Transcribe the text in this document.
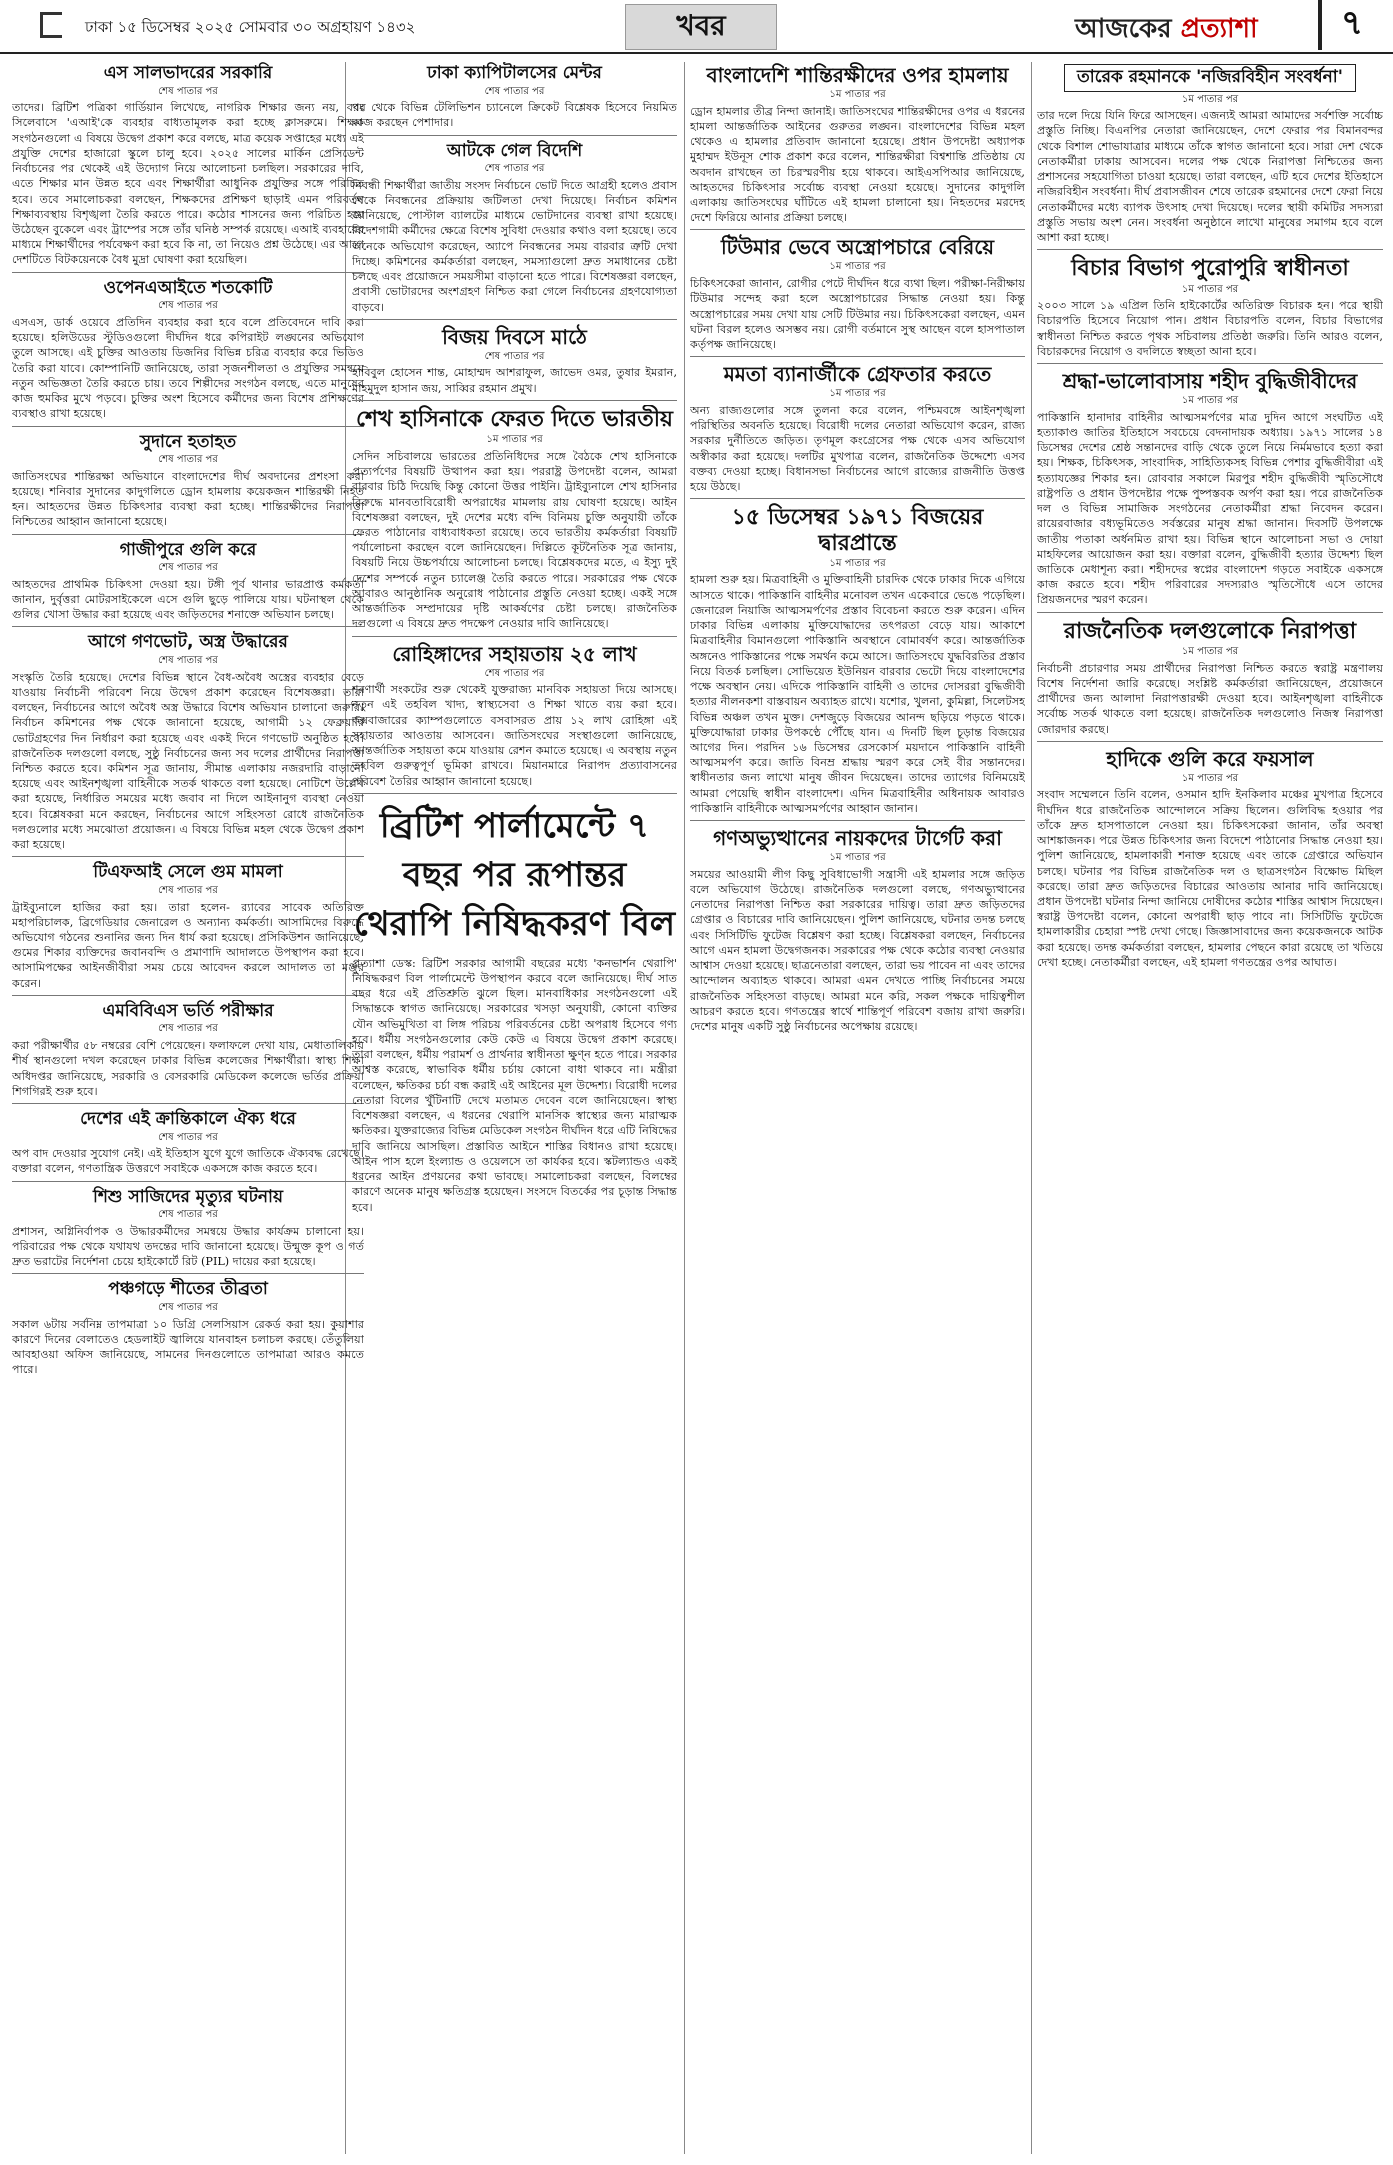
ঢাকা ১৫ ডিসেম্বর ২০২৫ সোমবার ৩০ অগ্রহায়ণ ১৪৩২	খবর	আজকের প্রত্যাশা	৭
এস সালভাদরের সরকারি
শেষ পাতার পর
তাদের। ব্রিটিশ পত্রিকা গার্ডিয়ান লিখেছে, নাগরিক শিক্ষার জন্য নয়, বরং সিলেবাসে 'এআই'কে ব্যবহার বাধ্যতামূলক করা হচ্ছে ক্লাসরুমে। শিক্ষক সংগঠনগুলো এ বিষয়ে উদ্বেগ প্রকাশ করে বলছে, মাত্র কয়েক সপ্তাহের মধ্যে এই প্রযুক্তি দেশের হাজারো স্কুলে চালু হবে। ২০২৫ সালের মার্কিন প্রেসিডেন্ট নির্বাচনের পর থেকেই এই উদ্যোগ নিয়ে আলোচনা চলছিল। সরকারের দাবি, এতে শিক্ষার মান উন্নত হবে এবং শিক্ষার্থীরা আধুনিক প্রযুক্তির সঙ্গে পরিচিত হবে। তবে সমালোচকরা বলছেন, শিক্ষকদের প্রশিক্ষণ ছাড়াই এমন পরিবর্তন শিক্ষাব্যবস্থায় বিশৃঙ্খলা তৈরি করতে পারে। কঠোর শাসনের জন্য পরিচিত হয়ে উঠেছেন বুকেলে এবং ট্রাম্পের সঙ্গে তাঁর ঘনিষ্ঠ সম্পর্ক রয়েছে। এআই ব্যবহারের মাধ্যমে শিক্ষার্থীদের পর্যবেক্ষণ করা হবে কি না, তা নিয়েও প্রশ্ন উঠেছে। এর আগে দেশটিতে বিটকয়েনকে বৈধ মুদ্রা ঘোষণা করা হয়েছিল।
ওপেনএআইতে শতকোটি
শেষ পাতার পর
এসএস, ডার্ক ওয়েবে প্রতিদিন ব্যবহার করা হবে বলে প্রতিবেদনে দাবি করা হয়েছে। হলিউডের স্টুডিওগুলো দীর্ঘদিন ধরে কপিরাইট লঙ্ঘনের অভিযোগ তুলে আসছে। এই চুক্তির আওতায় ডিজনির বিভিন্ন চরিত্র ব্যবহার করে ভিডিও তৈরি করা যাবে। কোম্পানিটি জানিয়েছে, তারা সৃজনশীলতা ও প্রযুক্তির সমন্বয়ে নতুন অভিজ্ঞতা তৈরি করতে চায়। তবে শিল্পীদের সংগঠন বলছে, এতে মানুষের কাজ হুমকির মুখে পড়বে। চুক্তির অংশ হিসেবে কর্মীদের জন্য বিশেষ প্রশিক্ষণের ব্যবস্থাও রাখা হয়েছে।
সুদানে হতাহত
শেষ পাতার পর
জাতিসংঘের শান্তিরক্ষা অভিযানে বাংলাদেশের দীর্ঘ অবদানের প্রশংসা করা হয়েছে। শনিবার সুদানের কাদুগলিতে ড্রোন হামলায় কয়েকজন শান্তিরক্ষী নিহত হন। আহতদের উন্নত চিকিৎসার ব্যবস্থা করা হচ্ছে। শান্তিরক্ষীদের নিরাপত্তা নিশ্চিতের আহ্বান জানানো হয়েছে।
গাজীপুরে গুলি করে
শেষ পাতার পর
আহতদের প্রাথমিক চিকিৎসা দেওয়া হয়। টঙ্গী পূর্ব থানার ভারপ্রাপ্ত কর্মকর্তা জানান, দুর্বৃত্তরা মোটরসাইকেলে এসে গুলি ছুড়ে পালিয়ে যায়। ঘটনাস্থল থেকে গুলির খোসা উদ্ধার করা হয়েছে এবং জড়িতদের শনাক্তে অভিযান চলছে।
আগে গণভোট, অস্ত্র উদ্ধারের
শেষ পাতার পর
সংস্কৃতি তৈরি হয়েছে। দেশের বিভিন্ন স্থানে বৈধ-অবৈধ অস্ত্রের ব্যবহার বেড়ে যাওয়ায় নির্বাচনী পরিবেশ নিয়ে উদ্বেগ প্রকাশ করেছেন বিশেষজ্ঞরা। তারা বলছেন, নির্বাচনের আগে অবৈধ অস্ত্র উদ্ধারে বিশেষ অভিযান চালানো জরুরি। নির্বাচন কমিশনের পক্ষ থেকে জানানো হয়েছে, আগামী ১২ ফেব্রুয়ারি ভোটগ্রহণের দিন নির্ধারণ করা হয়েছে এবং একই দিনে গণভোট অনুষ্ঠিত হবে। রাজনৈতিক দলগুলো বলছে, সুষ্ঠু নির্বাচনের জন্য সব দলের প্রার্থীদের নিরাপত্তা নিশ্চিত করতে হবে। কমিশন সূত্র জানায়, সীমান্ত এলাকায় নজরদারি বাড়ানো হয়েছে এবং আইনশৃঙ্খলা বাহিনীকে সতর্ক থাকতে বলা হয়েছে। নোটিশে উল্লেখ করা হয়েছে, নির্ধারিত সময়ের মধ্যে জবাব না দিলে আইনানুগ ব্যবস্থা নেওয়া হবে। বিশ্লেষকরা মনে করছেন, নির্বাচনের আগে সহিংসতা রোধে রাজনৈতিক দলগুলোর মধ্যে সমঝোতা প্রয়োজন। এ বিষয়ে বিভিন্ন মহল থেকে উদ্বেগ প্রকাশ করা হয়েছে।
টিএফআই সেলে গুম মামলা
শেষ পাতার পর
ট্রাইব্যুনালে হাজির করা হয়। তারা হলেন- র‍্যাবের সাবেক অতিরিক্ত মহাপরিচালক, ব্রিগেডিয়ার জেনারেল ও অন্যান্য কর্মকর্তা। আসামিদের বিরুদ্ধে অভিযোগ গঠনের শুনানির জন্য দিন ধার্য করা হয়েছে। প্রসিকিউশন জানিয়েছে, গুমের শিকার ব্যক্তিদের জবানবন্দি ও প্রমাণাদি আদালতে উপস্থাপন করা হবে। আসামিপক্ষের আইনজীবীরা সময় চেয়ে আবেদন করলে আদালত তা মঞ্জুর করেন।
এমবিবিএস ভর্তি পরীক্ষার
শেষ পাতার পর
করা পরীক্ষার্থীর ৫৮ নম্বরের বেশি পেয়েছেন। ফলাফলে দেখা যায়, মেধাতালিকায় শীর্ষ স্থানগুলো দখল করেছেন ঢাকার বিভিন্ন কলেজের শিক্ষার্থীরা। স্বাস্থ্য শিক্ষা অধিদপ্তর জানিয়েছে, সরকারি ও বেসরকারি মেডিকেল কলেজে ভর্তির প্রক্রিয়া শিগগিরই শুরু হবে।
দেশের এই ক্রান্তিকালে ঐক্য ধরে
শেষ পাতার পর
অপ বাদ দেওয়ার সুযোগ নেই। এই ইতিহাস যুগে যুগে জাতিকে ঐক্যবদ্ধ রেখেছে। বক্তারা বলেন, গণতান্ত্রিক উত্তরণে সবাইকে একসঙ্গে কাজ করতে হবে।
শিশু সাজিদের মৃত্যুর ঘটনায়
শেষ পাতার পর
প্রশাসন, অগ্নিনির্বাপক ও উদ্ধারকর্মীদের সমন্বয়ে উদ্ধার কার্যক্রম চালানো হয়। পরিবারের পক্ষ থেকে যথাযথ তদন্তের দাবি জানানো হয়েছে। উন্মুক্ত কূপ ও গর্ত দ্রুত ভরাটের নির্দেশনা চেয়ে হাইকোর্টে রিট (PIL) দায়ের করা হয়েছে।
পঞ্চগড়ে শীতের তীব্রতা
শেষ পাতার পর
সকাল ৬টায় সর্বনিম্ন তাপমাত্রা ১০ ডিগ্রি সেলসিয়াস রেকর্ড করা হয়। কুয়াশার কারণে দিনের বেলাতেও হেডলাইট জ্বালিয়ে যানবাহন চলাচল করছে। তেঁতুলিয়া আবহাওয়া অফিস জানিয়েছে, সামনের দিনগুলোতে তাপমাত্রা আরও কমতে পারে।
ঢাকা ক্যাপিটালসের মেন্টর
শেষ পাতার পর
পর থেকে বিভিন্ন টেলিভিশন চ্যানেলে ক্রিকেট বিশ্লেষক হিসেবে নিয়মিত কাজ করছেন পেশাদার।
আটকে গেল বিদেশি
শেষ পাতার পর
নিবন্ধী শিক্ষার্থীরা জাতীয় সংসদ নির্বাচনে ভোট দিতে আগ্রহী হলেও প্রবাস থেকে নিবন্ধনের প্রক্রিয়ায় জটিলতা দেখা দিয়েছে। নির্বাচন কমিশন জানিয়েছে, পোস্টাল ব্যালটের মাধ্যমে ভোটদানের ব্যবস্থা রাখা হয়েছে। বিদেশগামী কর্মীদের ক্ষেত্রে বিশেষ সুবিধা দেওয়ার কথাও বলা হয়েছে। তবে অনেকে অভিযোগ করেছেন, অ্যাপে নিবন্ধনের সময় বারবার ত্রুটি দেখা দিচ্ছে। কমিশনের কর্মকর্তারা বলছেন, সমস্যাগুলো দ্রুত সমাধানের চেষ্টা চলছে এবং প্রয়োজনে সময়সীমা বাড়ানো হতে পারে। বিশেষজ্ঞরা বলছেন, প্রবাসী ভোটারদের অংশগ্রহণ নিশ্চিত করা গেলে নির্বাচনের গ্রহণযোগ্যতা বাড়বে।
বিজয় দিবসে মাঠে
শেষ পাতার পর
হাবিবুল হোসেন শান্ত, মোহাম্মদ আশরাফুল, জাভেদ ওমর, তুষার ইমরান, মাহমুদুল হাসান জয়, সাব্বির রহমান প্রমুখ।
শেখ হাসিনাকে ফেরত দিতে ভারতীয়
১ম পাতার পর
সেদিন সচিবালয়ে ভারতের প্রতিনিধিদের সঙ্গে বৈঠকে শেখ হাসিনাকে প্রত্যর্পণের বিষয়টি উত্থাপন করা হয়। পররাষ্ট্র উপদেষ্টা বলেন, আমরা বারবার চিঠি দিয়েছি কিন্তু কোনো উত্তর পাইনি। ট্রাইব্যুনালে শেখ হাসিনার বিরুদ্ধে মানবতাবিরোধী অপরাধের মামলায় রায় ঘোষণা হয়েছে। আইন বিশেষজ্ঞরা বলছেন, দুই দেশের মধ্যে বন্দি বিনিময় চুক্তি অনুযায়ী তাঁকে ফেরত পাঠানোর বাধ্যবাধকতা রয়েছে। তবে ভারতীয় কর্মকর্তারা বিষয়টি পর্যালোচনা করছেন বলে জানিয়েছেন। দিল্লিতে কূটনৈতিক সূত্র জানায়, বিষয়টি নিয়ে উচ্চপর্যায়ে আলোচনা চলছে। বিশ্লেষকদের মতে, এ ইস্যু দুই দেশের সম্পর্কে নতুন চ্যালেঞ্জ তৈরি করতে পারে। সরকারের পক্ষ থেকে আবারও আনুষ্ঠানিক অনুরোধ পাঠানোর প্রস্তুতি নেওয়া হচ্ছে। একই সঙ্গে আন্তর্জাতিক সম্প্রদায়ের দৃষ্টি আকর্ষণের চেষ্টা চলছে। রাজনৈতিক দলগুলো এ বিষয়ে দ্রুত পদক্ষেপ নেওয়ার দাবি জানিয়েছে।
রোহিঙ্গাদের সহায়তায় ২৫ লাখ
শেষ পাতার পর
শরণার্থী সংকটের শুরু থেকেই যুক্তরাজ্য মানবিক সহায়তা দিয়ে আসছে। নতুন এই তহবিল খাদ্য, স্বাস্থ্যসেবা ও শিক্ষা খাতে ব্যয় করা হবে। কক্সবাজারের ক্যাম্পগুলোতে বসবাসরত প্রায় ১২ লাখ রোহিঙ্গা এই সহায়তার আওতায় আসবেন। জাতিসংঘের সংস্থাগুলো জানিয়েছে, আন্তর্জাতিক সহায়তা কমে যাওয়ায় রেশন কমাতে হয়েছে। এ অবস্থায় নতুন তহবিল গুরুত্বপূর্ণ ভূমিকা রাখবে। মিয়ানমারে নিরাপদ প্রত্যাবাসনের পরিবেশ তৈরির আহ্বান জানানো হয়েছে।
ব্রিটিশ পার্লামেন্টে ৭ বছর পর রূপান্তর থেরাপি নিষিদ্ধকরণ বিল
প্রত্যাশা ডেস্ক: ব্রিটিশ সরকার আগামী বছরের মধ্যে 'কনভার্শন থেরাপি' নিষিদ্ধকরণ বিল পার্লামেন্টে উপস্থাপন করবে বলে জানিয়েছে। দীর্ঘ সাত বছর ধরে এই প্রতিশ্রুতি ঝুলে ছিল। মানবাধিকার সংগঠনগুলো এই সিদ্ধান্তকে স্বাগত জানিয়েছে। সরকারের খসড়া অনুযায়ী, কোনো ব্যক্তির যৌন অভিমুখিতা বা লিঙ্গ পরিচয় পরিবর্তনের চেষ্টা অপরাধ হিসেবে গণ্য হবে। ধর্মীয় সংগঠনগুলোর কেউ কেউ এ বিষয়ে উদ্বেগ প্রকাশ করেছে। তারা বলছেন, ধর্মীয় পরামর্শ ও প্রার্থনার স্বাধীনতা ক্ষুণ্ন হতে পারে। সরকার আশ্বস্ত করেছে, স্বাভাবিক ধর্মীয় চর্চায় কোনো বাধা থাকবে না। মন্ত্রীরা বলেছেন, ক্ষতিকর চর্চা বন্ধ করাই এই আইনের মূল উদ্দেশ্য। বিরোধী দলের নেতারা বিলের খুঁটিনাটি দেখে মতামত দেবেন বলে জানিয়েছেন। স্বাস্থ্য বিশেষজ্ঞরা বলছেন, এ ধরনের থেরাপি মানসিক স্বাস্থ্যের জন্য মারাত্মক ক্ষতিকর। যুক্তরাজ্যের বিভিন্ন মেডিকেল সংগঠন দীর্ঘদিন ধরে এটি নিষিদ্ধের দাবি জানিয়ে আসছিল। প্রস্তাবিত আইনে শাস্তির বিধানও রাখা হয়েছে। আইন পাস হলে ইংল্যান্ড ও ওয়েলসে তা কার্যকর হবে। স্কটল্যান্ডও একই ধরনের আইন প্রণয়নের কথা ভাবছে। সমালোচকরা বলছেন, বিলম্বের কারণে অনেক মানুষ ক্ষতিগ্রস্ত হয়েছেন। সংসদে বিতর্কের পর চূড়ান্ত সিদ্ধান্ত হবে।
বাংলাদেশি শান্তিরক্ষীদের ওপর হামলায়
১ম পাতার পর
ড্রোন হামলার তীব্র নিন্দা জানাই। জাতিসংঘের শান্তিরক্ষীদের ওপর এ ধরনের হামলা আন্তর্জাতিক আইনের গুরুতর লঙ্ঘন। বাংলাদেশের বিভিন্ন মহল থেকেও এ হামলার প্রতিবাদ জানানো হয়েছে। প্রধান উপদেষ্টা অধ্যাপক মুহাম্মদ ইউনূস শোক প্রকাশ করে বলেন, শান্তিরক্ষীরা বিশ্বশান্তি প্রতিষ্ঠায় যে অবদান রাখছেন তা চিরস্মরণীয় হয়ে থাকবে। আইএসপিআর জানিয়েছে, আহতদের চিকিৎসার সর্বোচ্চ ব্যবস্থা নেওয়া হয়েছে। সুদানের কাদুগলি এলাকায় জাতিসংঘের ঘাঁটিতে এই হামলা চালানো হয়। নিহতদের মরদেহ দেশে ফিরিয়ে আনার প্রক্রিয়া চলছে।
টিউমার ভেবে অস্ত্রোপচারে বেরিয়ে
১ম পাতার পর
চিকিৎসকেরা জানান, রোগীর পেটে দীর্ঘদিন ধরে ব্যথা ছিল। পরীক্ষা-নিরীক্ষায় টিউমার সন্দেহ করা হলে অস্ত্রোপচারের সিদ্ধান্ত নেওয়া হয়। কিন্তু অস্ত্রোপচারের সময় দেখা যায় সেটি টিউমার নয়। চিকিৎসকেরা বলছেন, এমন ঘটনা বিরল হলেও অসম্ভব নয়। রোগী বর্তমানে সুস্থ আছেন বলে হাসপাতাল কর্তৃপক্ষ জানিয়েছে।
মমতা ব্যানার্জীকে গ্রেফতার করতে
১ম পাতার পর
অন্য রাজ্যগুলোর সঙ্গে তুলনা করে বলেন, পশ্চিমবঙ্গে আইনশৃঙ্খলা পরিস্থিতির অবনতি হয়েছে। বিরোধী দলের নেতারা অভিযোগ করেন, রাজ্য সরকার দুর্নীতিতে জড়িত। তৃণমূল কংগ্রেসের পক্ষ থেকে এসব অভিযোগ অস্বীকার করা হয়েছে। দলটির মুখপাত্র বলেন, রাজনৈতিক উদ্দেশ্যে এসব বক্তব্য দেওয়া হচ্ছে। বিধানসভা নির্বাচনের আগে রাজ্যের রাজনীতি উত্তপ্ত হয়ে উঠছে।
১৫ ডিসেম্বর ১৯৭১ বিজয়ের দ্বারপ্রান্তে
১ম পাতার পর
হামলা শুরু হয়। মিত্রবাহিনী ও মুক্তিবাহিনী চারদিক থেকে ঢাকার দিকে এগিয়ে আসতে থাকে। পাকিস্তানি বাহিনীর মনোবল তখন একেবারে ভেঙে পড়েছিল। জেনারেল নিয়াজি আত্মসমর্পণের প্রস্তাব বিবেচনা করতে শুরু করেন। এদিন ঢাকার বিভিন্ন এলাকায় মুক্তিযোদ্ধাদের তৎপরতা বেড়ে যায়। আকাশে মিত্রবাহিনীর বিমানগুলো পাকিস্তানি অবস্থানে বোমাবর্ষণ করে। আন্তর্জাতিক অঙ্গনেও পাকিস্তানের পক্ষে সমর্থন কমে আসে। জাতিসংঘে যুদ্ধবিরতির প্রস্তাব নিয়ে বিতর্ক চলছিল। সোভিয়েত ইউনিয়ন বারবার ভেটো দিয়ে বাংলাদেশের পক্ষে অবস্থান নেয়। এদিকে পাকিস্তানি বাহিনী ও তাদের দোসররা বুদ্ধিজীবী হত্যার নীলনকশা বাস্তবায়ন অব্যাহত রাখে। যশোর, খুলনা, কুমিল্লা, সিলেটসহ বিভিন্ন অঞ্চল তখন মুক্ত। দেশজুড়ে বিজয়ের আনন্দ ছড়িয়ে পড়তে থাকে। মুক্তিযোদ্ধারা ঢাকার উপকণ্ঠে পৌঁছে যান। এ দিনটি ছিল চূড়ান্ত বিজয়ের আগের দিন। পরদিন ১৬ ডিসেম্বর রেসকোর্স ময়দানে পাকিস্তানি বাহিনী আত্মসমর্পণ করে। জাতি বিনম্র শ্রদ্ধায় স্মরণ করে সেই বীর সন্তানদের। স্বাধীনতার জন্য লাখো মানুষ জীবন দিয়েছেন। তাদের ত্যাগের বিনিময়েই আমরা পেয়েছি স্বাধীন বাংলাদেশ। এদিন মিত্রবাহিনীর অধিনায়ক আবারও পাকিস্তানি বাহিনীকে আত্মসমর্পণের আহ্বান জানান।
গণঅভ্যুত্থানের নায়কদের টার্গেট করা
১ম পাতার পর
সময়ের আওয়ামী লীগ কিছু সুবিধাভোগী সন্ত্রাসী এই হামলার সঙ্গে জড়িত বলে অভিযোগ উঠেছে। রাজনৈতিক দলগুলো বলছে, গণঅভ্যুত্থানের নেতাদের নিরাপত্তা নিশ্চিত করা সরকারের দায়িত্ব। তারা দ্রুত জড়িতদের গ্রেপ্তার ও বিচারের দাবি জানিয়েছেন। পুলিশ জানিয়েছে, ঘটনার তদন্ত চলছে এবং সিসিটিভি ফুটেজ বিশ্লেষণ করা হচ্ছে। বিশ্লেষকরা বলছেন, নির্বাচনের আগে এমন হামলা উদ্বেগজনক। সরকারের পক্ষ থেকে কঠোর ব্যবস্থা নেওয়ার আশ্বাস দেওয়া হয়েছে। ছাত্রনেতারা বলছেন, তারা ভয় পাবেন না এবং তাদের আন্দোলন অব্যাহত থাকবে। আমরা এমন দেখতে পাচ্ছি নির্বাচনের সময়ে রাজনৈতিক সহিংসতা বাড়ছে। আমরা মনে করি, সকল পক্ষকে দায়িত্বশীল আচরণ করতে হবে। গণতন্ত্রের স্বার্থে শান্তিপূর্ণ পরিবেশ বজায় রাখা জরুরি। দেশের মানুষ একটি সুষ্ঠু নির্বাচনের অপেক্ষায় রয়েছে।
তারেক রহমানকে 'নজিরবিহীন সংবর্ধনা'
১ম পাতার পর
তার দলে দিয়ে যিনি ফিরে আসছেন। এজন্যই আমরা আমাদের সর্বশক্তি সর্বোচ্চ প্রস্তুতি নিচ্ছি। বিএনপির নেতারা জানিয়েছেন, দেশে ফেরার পর বিমানবন্দর থেকে বিশাল শোভাযাত্রার মাধ্যমে তাঁকে স্বাগত জানানো হবে। সারা দেশ থেকে নেতাকর্মীরা ঢাকায় আসবেন। দলের পক্ষ থেকে নিরাপত্তা নিশ্চিতের জন্য প্রশাসনের সহযোগিতা চাওয়া হয়েছে। তারা বলছেন, এটি হবে দেশের ইতিহাসে নজিরবিহীন সংবর্ধনা। দীর্ঘ প্রবাসজীবন শেষে তারেক রহমানের দেশে ফেরা নিয়ে নেতাকর্মীদের মধ্যে ব্যাপক উৎসাহ দেখা দিয়েছে। দলের স্থায়ী কমিটির সদস্যরা প্রস্তুতি সভায় অংশ নেন। সংবর্ধনা অনুষ্ঠানে লাখো মানুষের সমাগম হবে বলে আশা করা হচ্ছে।
বিচার বিভাগ পুরোপুরি স্বাধীনতা
১ম পাতার পর
২০০৩ সালে ১৯ এপ্রিল তিনি হাইকোর্টের অতিরিক্ত বিচারক হন। পরে স্থায়ী বিচারপতি হিসেবে নিয়োগ পান। প্রধান বিচারপতি বলেন, বিচার বিভাগের স্বাধীনতা নিশ্চিত করতে পৃথক সচিবালয় প্রতিষ্ঠা জরুরি। তিনি আরও বলেন, বিচারকদের নিয়োগ ও বদলিতে স্বচ্ছতা আনা হবে।
শ্রদ্ধা-ভালোবাসায় শহীদ বুদ্ধিজীবীদের
১ম পাতার পর
পাকিস্তানি হানাদার বাহিনীর আত্মসমর্পণের মাত্র দুদিন আগে সংঘটিত এই হত্যাকাণ্ড জাতির ইতিহাসে সবচেয়ে বেদনাদায়ক অধ্যায়। ১৯৭১ সালের ১৪ ডিসেম্বর দেশের শ্রেষ্ঠ সন্তানদের বাড়ি থেকে তুলে নিয়ে নির্মমভাবে হত্যা করা হয়। শিক্ষক, চিকিৎসক, সাংবাদিক, সাহিত্যিকসহ বিভিন্ন পেশার বুদ্ধিজীবীরা এই হত্যাযজ্ঞের শিকার হন। রোববার সকালে মিরপুর শহীদ বুদ্ধিজীবী স্মৃতিসৌধে রাষ্ট্রপতি ও প্রধান উপদেষ্টার পক্ষে পুষ্পস্তবক অর্পণ করা হয়। পরে রাজনৈতিক দল ও বিভিন্ন সামাজিক সংগঠনের নেতাকর্মীরা শ্রদ্ধা নিবেদন করেন। রায়েরবাজার বধ্যভূমিতেও সর্বস্তরের মানুষ শ্রদ্ধা জানান। দিবসটি উপলক্ষে জাতীয় পতাকা অর্ধনমিত রাখা হয়। বিভিন্ন স্থানে আলোচনা সভা ও দোয়া মাহফিলের আয়োজন করা হয়। বক্তারা বলেন, বুদ্ধিজীবী হত্যার উদ্দেশ্য ছিল জাতিকে মেধাশূন্য করা। শহীদদের স্বপ্নের বাংলাদেশ গড়তে সবাইকে একসঙ্গে কাজ করতে হবে। শহীদ পরিবারের সদস্যরাও স্মৃতিসৌধে এসে তাদের প্রিয়জনদের স্মরণ করেন।
রাজনৈতিক দলগুলোকে নিরাপত্তা
১ম পাতার পর
নির্বাচনী প্রচারণার সময় প্রার্থীদের নিরাপত্তা নিশ্চিত করতে স্বরাষ্ট্র মন্ত্রণালয় বিশেষ নির্দেশনা জারি করেছে। সংশ্লিষ্ট কর্মকর্তারা জানিয়েছেন, প্রয়োজনে প্রার্থীদের জন্য আলাদা নিরাপত্তারক্ষী দেওয়া হবে। আইনশৃঙ্খলা বাহিনীকে সর্বোচ্চ সতর্ক থাকতে বলা হয়েছে। রাজনৈতিক দলগুলোও নিজস্ব নিরাপত্তা জোরদার করছে।
হাদিকে গুলি করে ফয়সাল
১ম পাতার পর
সংবাদ সম্মেলনে তিনি বলেন, ওসমান হাদি ইনকিলাব মঞ্চের মুখপাত্র হিসেবে দীর্ঘদিন ধরে রাজনৈতিক আন্দোলনে সক্রিয় ছিলেন। গুলিবিদ্ধ হওয়ার পর তাঁকে দ্রুত হাসপাতালে নেওয়া হয়। চিকিৎসকেরা জানান, তাঁর অবস্থা আশঙ্কাজনক। পরে উন্নত চিকিৎসার জন্য বিদেশে পাঠানোর সিদ্ধান্ত নেওয়া হয়। পুলিশ জানিয়েছে, হামলাকারী শনাক্ত হয়েছে এবং তাকে গ্রেপ্তারে অভিযান চলছে। ঘটনার পর বিভিন্ন রাজনৈতিক দল ও ছাত্রসংগঠন বিক্ষোভ মিছিল করেছে। তারা দ্রুত জড়িতদের বিচারের আওতায় আনার দাবি জানিয়েছে। প্রধান উপদেষ্টা ঘটনার নিন্দা জানিয়ে দোষীদের কঠোর শাস্তির আশ্বাস দিয়েছেন। স্বরাষ্ট্র উপদেষ্টা বলেন, কোনো অপরাধী ছাড় পাবে না। সিসিটিভি ফুটেজে হামলাকারীর চেহারা স্পষ্ট দেখা গেছে। জিজ্ঞাসাবাদের জন্য কয়েকজনকে আটক করা হয়েছে। তদন্ত কর্মকর্তারা বলছেন, হামলার পেছনে কারা রয়েছে তা খতিয়ে দেখা হচ্ছে। নেতাকর্মীরা বলছেন, এই হামলা গণতন্ত্রের ওপর আঘাত।
